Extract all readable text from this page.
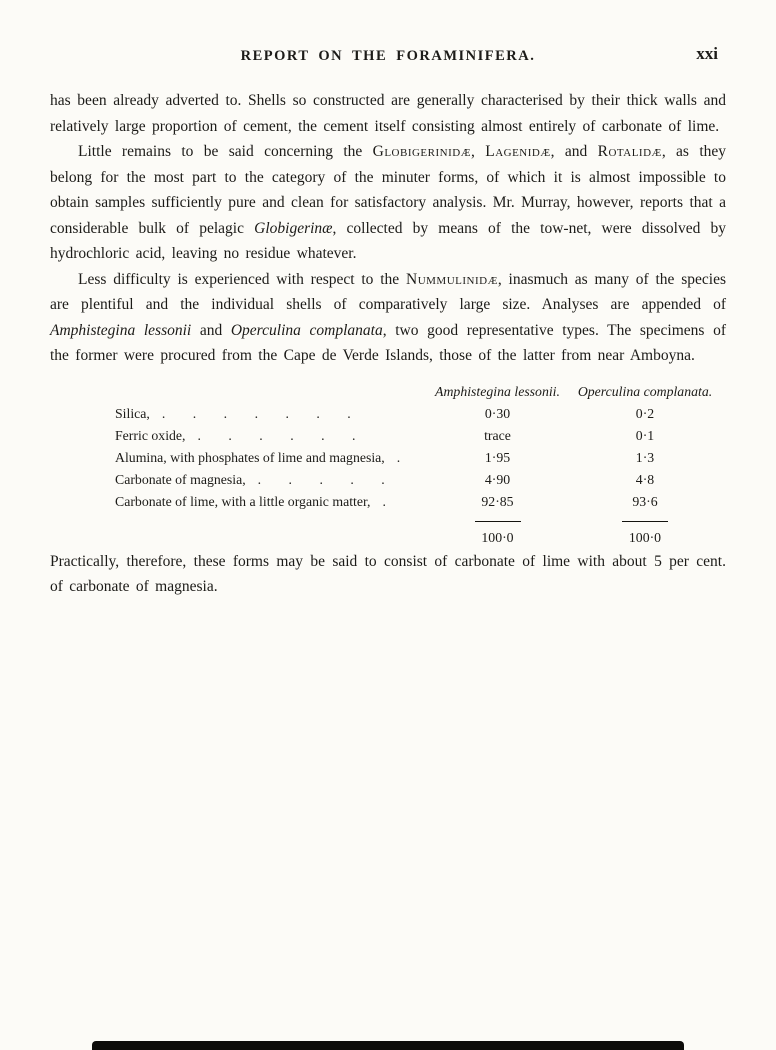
REPORT ON THE FORAMINIFERA.	xxi

has been already adverted to. Shells so constructed are generally characterised by their thick walls and relatively large proportion of cement, the cement itself consisting almost entirely of carbonate of lime.

Little remains to be said concerning the Globigerinidæ, Lagenidæ, and Rotalidæ, as they belong for the most part to the category of the minuter forms, of which it is almost impossible to obtain samples sufficiently pure and clean for satisfactory analysis. Mr. Murray, however, reports that a considerable bulk of pelagic Globigerinæ, collected by means of the tow-net, were dissolved by hydrochloric acid, leaving no residue whatever.

Less difficulty is experienced with respect to the Nummulinidæ, inasmuch as many of the species are plentiful and the individual shells of comparatively large size. Analyses are appended of Amphistegina lessonii and Operculina complanata, two good representative types. The specimens of the former were procured from the Cape de Verde Islands, those of the latter from near Amboyna.

Amphistegina lessonii.	Operculina complanata.
Silica, . . . . . . .	0·30	0·2
Ferric oxide, . . . . . .	trace	0·1
Alumina, with phosphates of lime and magnesia, .	1·95	1·3
Carbonate of magnesia, . . . . .	4·90	4·8
Carbonate of lime, with a little organic matter, .	92·85	93·6
100·0	100·0

Practically, therefore, these forms may be said to consist of carbonate of lime with about 5 per cent. of carbonate of magnesia.
